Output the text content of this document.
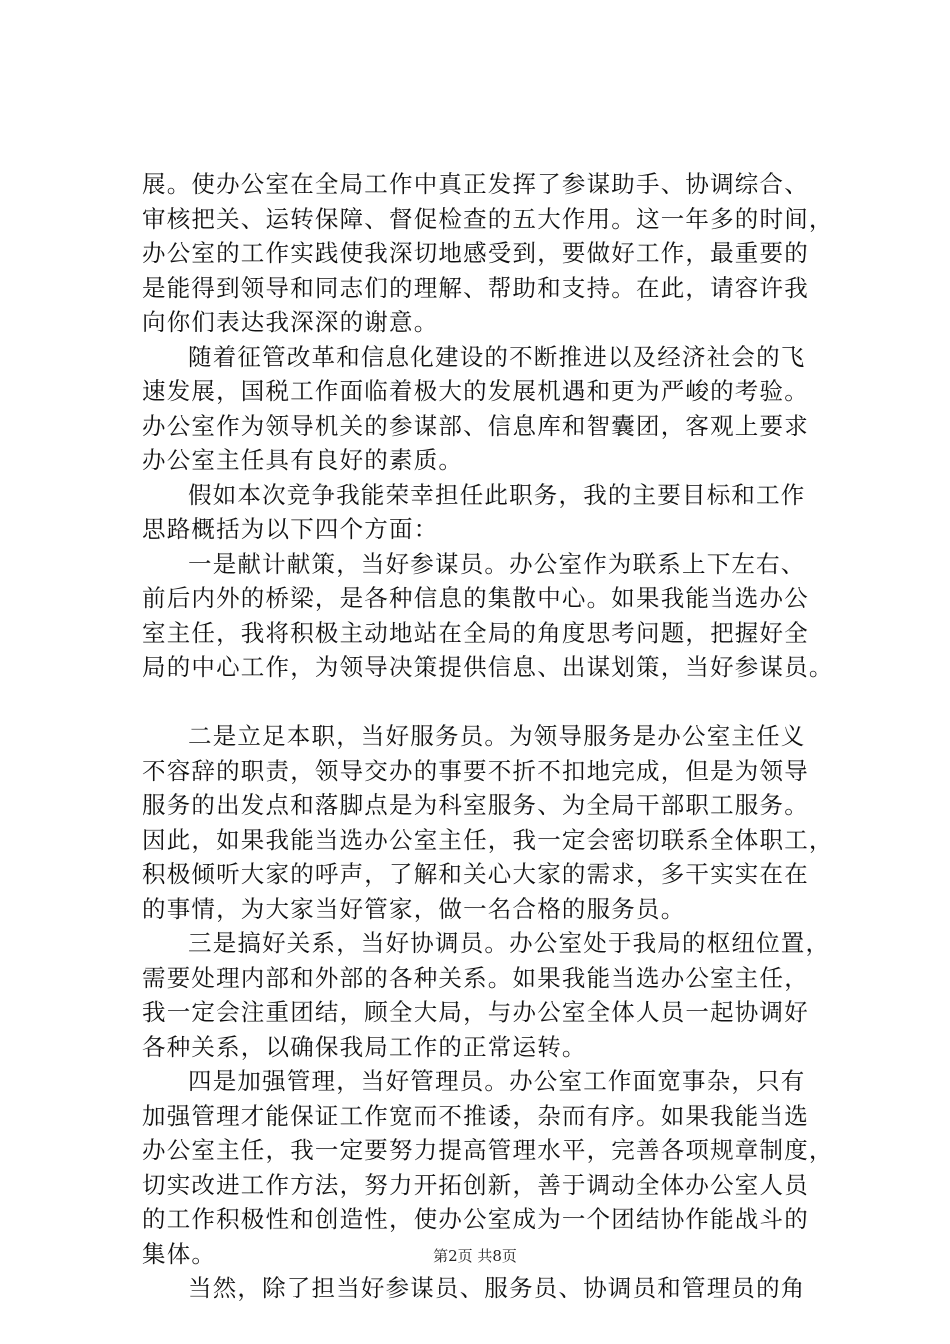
展。使办公室在全局工作中真正发挥了参谋助手、协调综合、
审核把关、运转保障、督促检查的五大作用。这一年多的时间，
办公室的工作实践使我深切地感受到，要做好工作，最重要的
是能得到领导和同志们的理解、帮助和支持。在此，请容许我
向你们表达我深深的谢意。
随着征管改革和信息化建设的不断推进以及经济社会的飞
速发展，国税工作面临着极大的发展机遇和更为严峻的考验。
办公室作为领导机关的参谋部、信息库和智囊团，客观上要求
办公室主任具有良好的素质。
假如本次竞争我能荣幸担任此职务，我的主要目标和工作
思路概括为以下四个方面：
一是献计献策，当好参谋员。办公室作为联系上下左右、
前后内外的桥梁，是各种信息的集散中心。如果我能当选办公
室主任，我将积极主动地站在全局的角度思考问题，把握好全
局的中心工作，为领导决策提供信息、出谋划策，当好参谋员。
二是立足本职，当好服务员。为领导服务是办公室主任义
不容辞的职责，领导交办的事要不折不扣地完成，但是为领导
服务的出发点和落脚点是为科室服务、为全局干部职工服务。
因此，如果我能当选办公室主任，我一定会密切联系全体职工，
积极倾听大家的呼声，了解和关心大家的需求，多干实实在在
的事情，为大家当好管家，做一名合格的服务员。
三是搞好关系，当好协调员。办公室处于我局的枢纽位置，
需要处理内部和外部的各种关系。如果我能当选办公室主任，
我一定会注重团结，顾全大局，与办公室全体人员一起协调好
各种关系，以确保我局工作的正常运转。
四是加强管理，当好管理员。办公室工作面宽事杂，只有
加强管理才能保证工作宽而不推诿，杂而有序。如果我能当选
办公室主任，我一定要努力提高管理水平，完善各项规章制度，
切实改进工作方法，努力开拓创新，善于调动全体办公室人员
的工作积极性和创造性，使办公室成为一个团结协作能战斗的
集体。
当然，除了担当好参谋员、服务员、协调员和管理员的角
第2页 共8页
